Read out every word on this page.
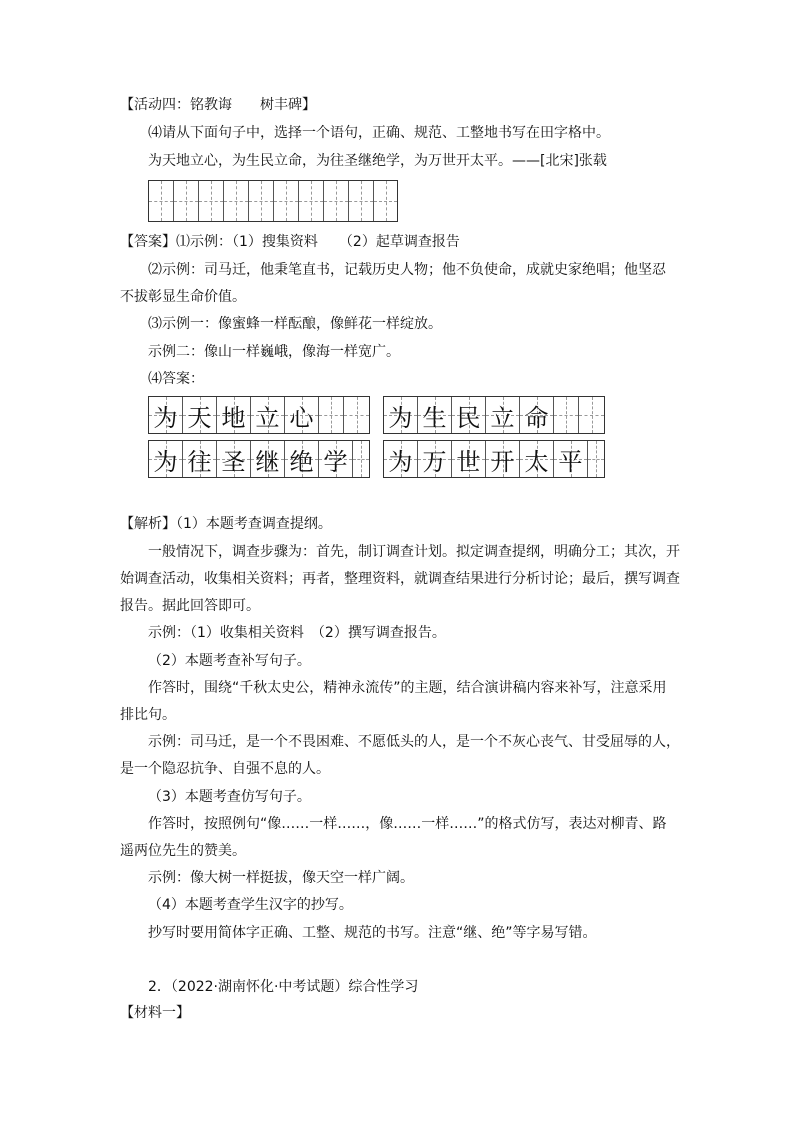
【活动四：铭教诲　　树丰碑】
⑷请从下面句子中，选择一个语句，正确、规范、工整地书写在田字格中。
为天地立心，为生民立命，为往圣继绝学，为万世开太平。——[北宋]张载
【答案】⑴示例：（1）搜集资料　　（2）起草调查报告
⑵示例：司马迁，他秉笔直书，记载历史人物；他不负使命，成就史家绝唱；他坚忍
不拔彰显生命价值。
⑶示例一：像蜜蜂一样酝酿，像鲜花一样绽放。
示例二：像山一样巍峨，像海一样宽广。
⑷答案：
为 天 地 立 心	为 生 民 立 命
为 往 圣 继 绝 学 为 万 世 开 太 平
【解析】（1）本题考查调查提纲。
一般情况下，调查步骤为：首先，制订调查计划。拟定调查提纲，明确分工；其次，开
始调查活动，收集相关资料；再者，整理资料，就调查结果进行分析讨论；最后，撰写调查
报告。据此回答即可。
示例：（1）收集相关资料　（2）撰写调查报告。
（2）本题考查补写句子。
作答时，围绕“千秋太史公，精神永流传”的主题，结合演讲稿内容来补写，注意采用
排比句。
示例：司马迁，是一个不畏困难、不愿低头的人，是一个不灰心丧气、甘受屈辱的人，
是一个隐忍抗争、自强不息的人。
（3）本题考查仿写句子。
作答时，按照例句“像……一样……，像……一样……”的格式仿写，表达对柳青、路
遥两位先生的赞美。
示例：像大树一样挺拔，像天空一样广阔。
（4）本题考查学生汉字的抄写。
抄写时要用简体字正确、工整、规范的书写。注意“继、绝”等字易写错。
2．（2022·湖南怀化·中考试题）综合性学习
【材料一】
